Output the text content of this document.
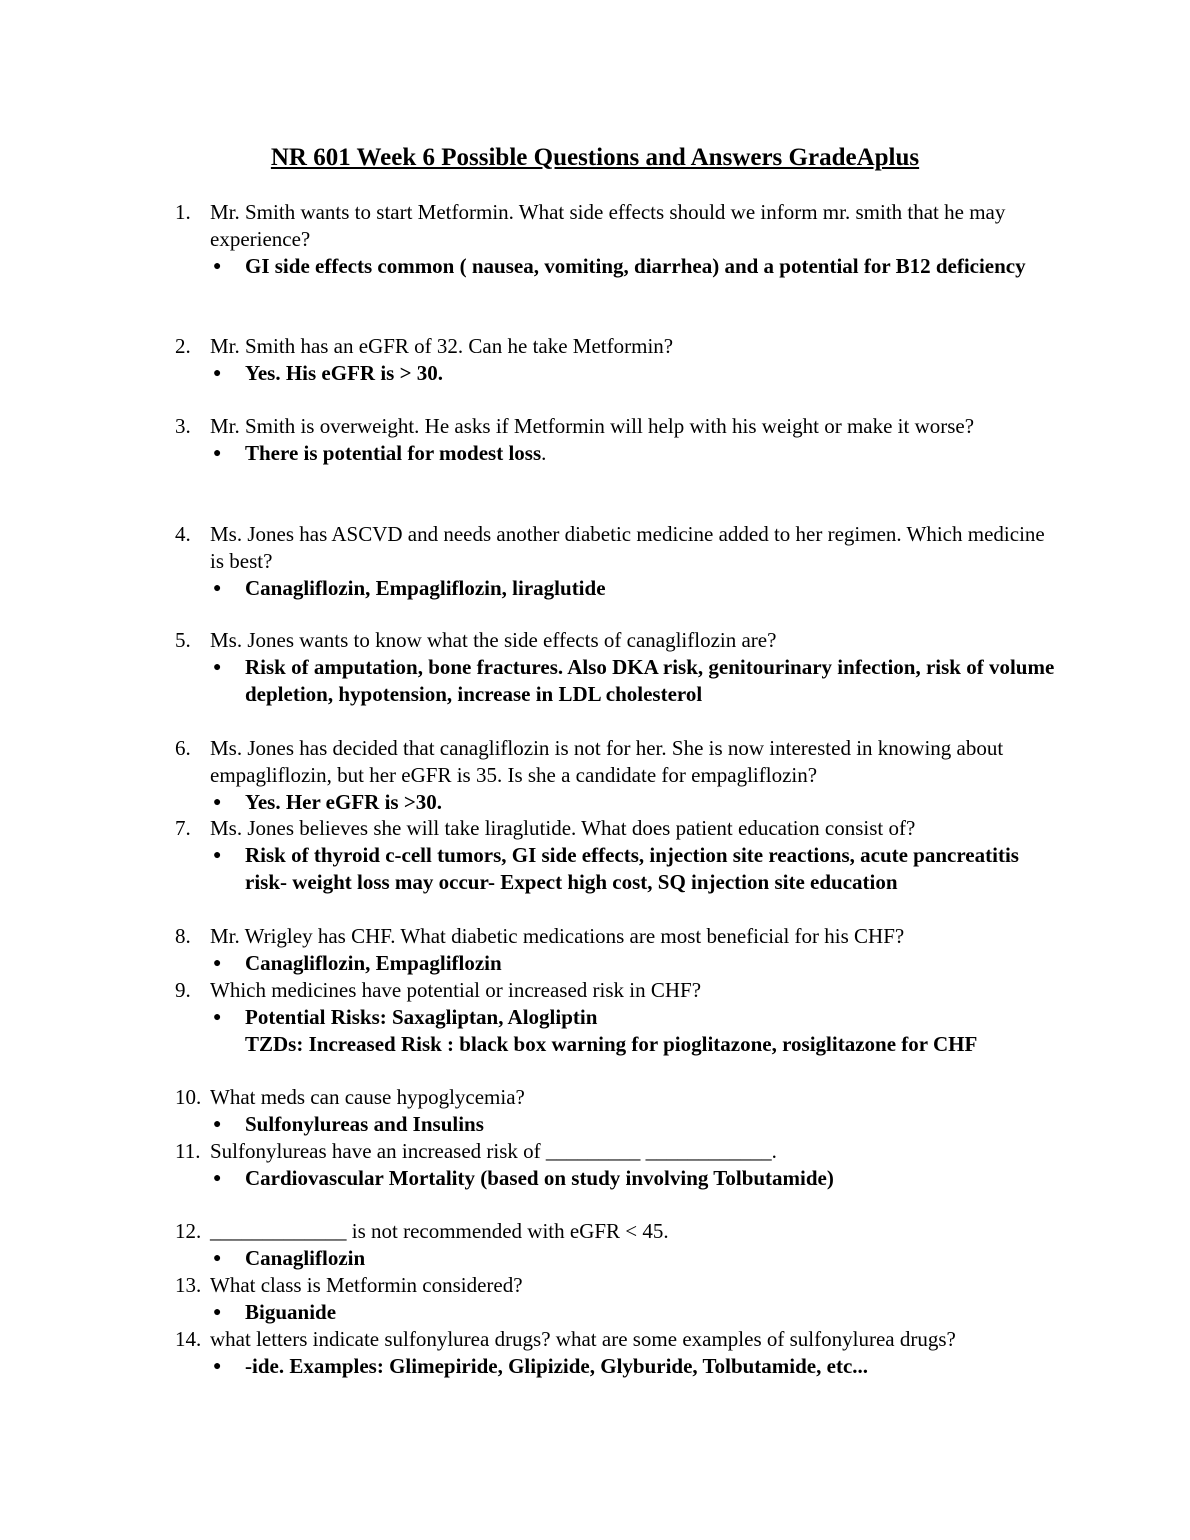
NR 601 Week 6 Possible Questions and Answers GradeAplus
1. Mr. Smith wants to start Metformin. What side effects should we inform mr. smith that he may experience?
●	GI side effects common ( nausea, vomiting, diarrhea) and a potential for B12 deficiency
2. Mr. Smith has an eGFR of 32. Can he take Metformin?
●	Yes. His eGFR is > 30.
3. Mr. Smith is overweight. He asks if Metformin will help with his weight or make it worse?
●	There is potential for modest loss.
4. Ms. Jones has ASCVD and needs another diabetic medicine added to her regimen. Which medicine is best?
●	Canagliflozin, Empagliflozin, liraglutide
5. Ms. Jones wants to know what the side effects of canagliflozin are?
●	Risk of amputation, bone fractures. Also DKA risk, genitourinary infection, risk of volume depletion, hypotension, increase in LDL cholesterol
6. Ms. Jones has decided that canagliflozin is not for her. She is now interested in knowing about empagliflozin, but her eGFR is 35. Is she a candidate for empagliflozin?
●	Yes. Her eGFR is >30.
7. Ms. Jones believes she will take liraglutide. What does patient education consist of?
●	Risk of thyroid c-cell tumors, GI side effects, injection site reactions, acute pancreatitis risk- weight loss may occur- Expect high cost, SQ injection site education
8. Mr. Wrigley has CHF. What diabetic medications are most beneficial for his CHF?
●	Canagliflozin, Empagliflozin
9. Which medicines have potential or increased risk in CHF?
●	Potential Risks: Saxagliptan, Alogliptin
TZDs: Increased Risk : black box warning for pioglitazone, rosiglitazone for CHF
10. What meds can cause hypoglycemia?
●	Sulfonylureas and Insulins
11. Sulfonylureas have an increased risk of _________ ____________.
●	Cardiovascular Mortality (based on study involving Tolbutamide)
12. _____________ is not recommended with eGFR < 45.
●	Canagliflozin
13. What class is Metformin considered?
●	Biguanide
14. what letters indicate sulfonylurea drugs? what are some examples of sulfonylurea drugs?
●	-ide. Examples: Glimepiride, Glipizide, Glyburide, Tolbutamide, etc...
